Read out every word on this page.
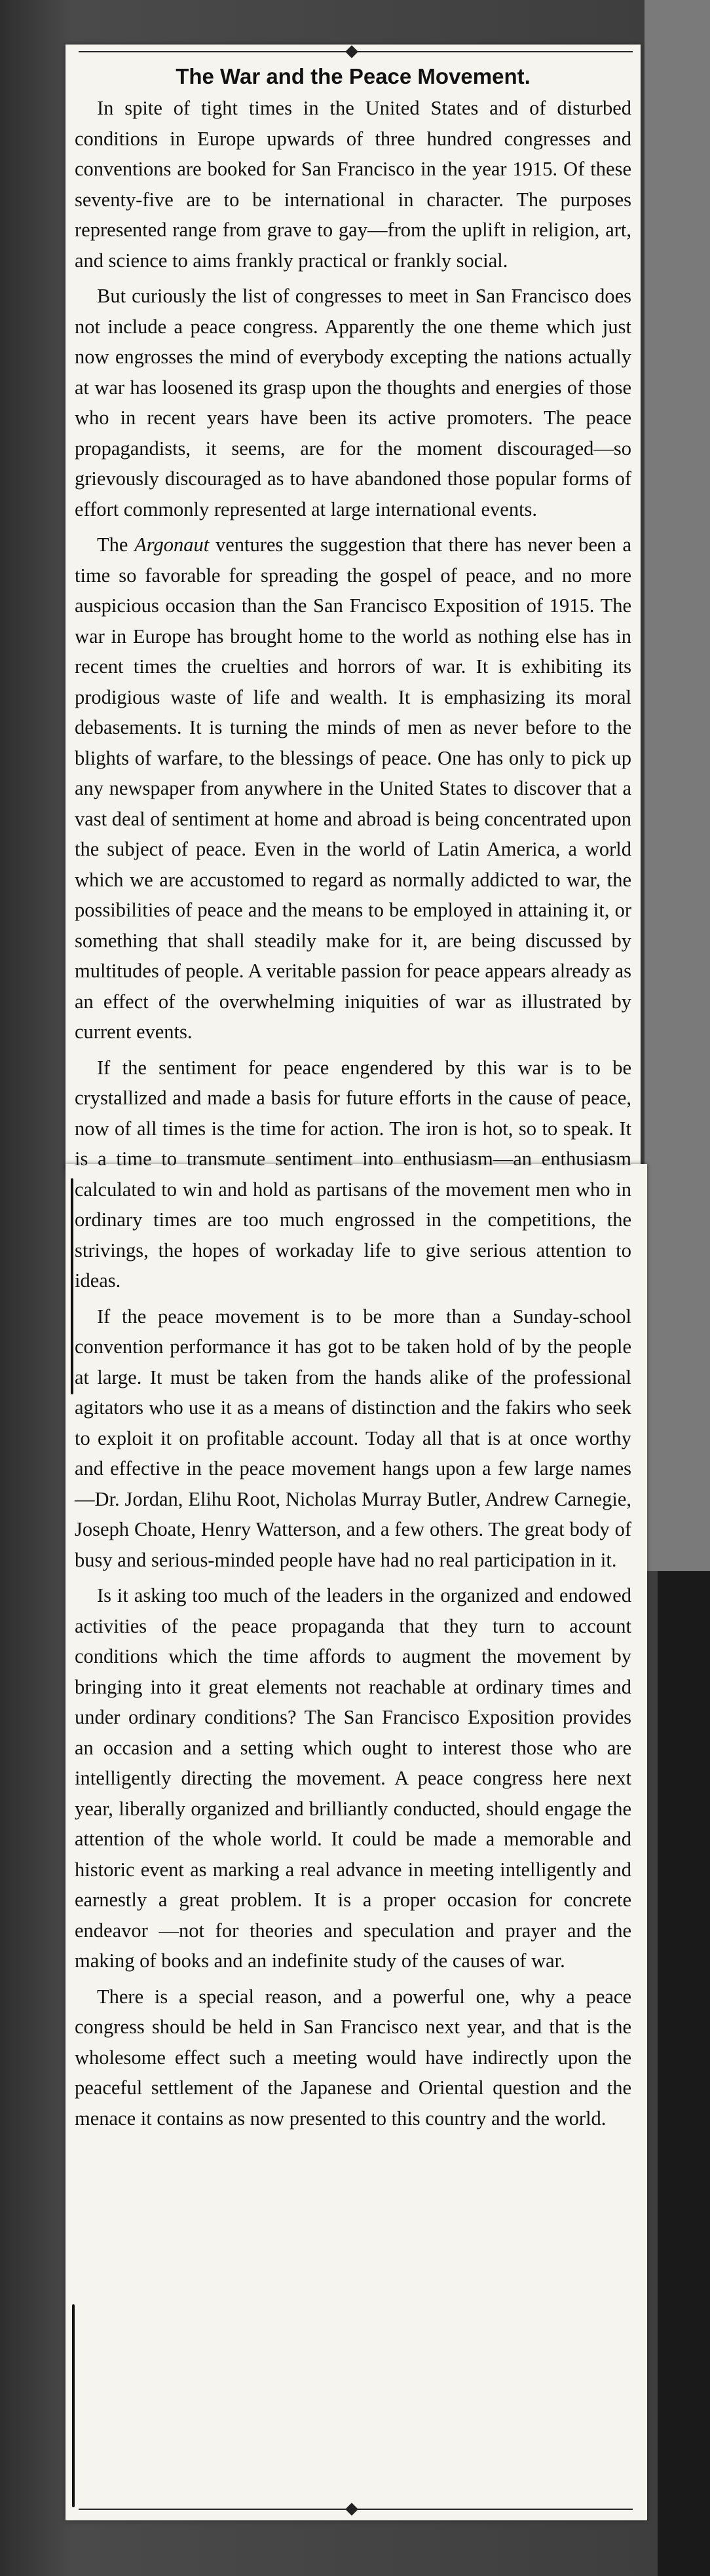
The War and the Peace Movement.

In spite of tight times in the United States and of disturbed conditions in Europe upwards of three hundred congresses and conventions are booked for San Francisco in the year 1915. Of these seventy-five are to be international in character. The purposes represented range from grave to gay—from the uplift in religion, art, and science to aims frankly practical or frankly social.

But curiously the list of congresses to meet in San Francisco does not include a peace congress. Apparently the one theme which just now engrosses the mind of everybody excepting the nations actually at war has loosened its grasp upon the thoughts and energies of those who in recent years have been its active promoters. The peace propagandists, it seems, are for the moment discouraged—so grievously discouraged as to have abandoned those popular forms of effort commonly represented at large international events.

The Argonaut ventures the suggestion that there has never been a time so favorable for spreading the gospel of peace, and no more auspicious occasion than the San Francisco Exposition of 1915. The war in Europe has brought home to the world as nothing else has in recent times the cruelties and horrors of war. It is exhibiting its prodigious waste of life and wealth. It is emphasizing its moral debasements. It is turning the minds of men as never before to the blights of warfare, to the blessings of peace. One has only to pick up any newspaper from anywhere in the United States to discover that a vast deal of sentiment at home and abroad is being concentrated upon the subject of peace. Even in the world of Latin America, a world which we are accustomed to regard as normally addicted to war, the possibilities of peace and the means to be employed in attaining it, or something that shall steadily make for it, are being discussed by multitudes of people. A veritable passion for peace appears already as an effect of the overwhelming iniquities of war as illustrated by current events.

If the sentiment for peace engendered by this war is to be crystallized and made a basis for future efforts in the cause of peace, now of all times is the time for action. The iron is hot, so to speak. It is a time to transmute sentiment into enthusiasm—an enthusiasm calculated to win and hold as partisans of the movement men who in ordinary times are too much engrossed in the competitions, the strivings, the hopes of workaday life to give serious attention to ideas.

If the peace movement is to be more than a Sunday-school convention performance it has got to be taken hold of by the people at large. It must be taken from the hands alike of the professional agitators who use it as a means of distinction and the fakirs who seek to exploit it on profitable account. Today all that is at once worthy and effective in the peace movement hangs upon a few large names—Dr. Jordan, Elihu Root, Nicholas Murray Butler, Andrew Carnegie, Joseph Choate, Henry Watterson, and a few others. The great body of busy and serious-minded people have had no real participation in it.

Is it asking too much of the leaders in the organized and endowed activities of the peace propaganda that they turn to account conditions which the time affords to augment the movement by bringing into it great elements not reachable at ordinary times and under ordinary conditions? The San Francisco Exposition provides an occasion and a setting which ought to interest those who are intelligently directing the movement. A peace congress here next year, liberally organized and brilliantly conducted, should engage the attention of the whole world. It could be made a memorable and historic event as marking a real advance in meeting intelligently and earnestly a great problem. It is a proper occasion for concrete endeavor —not for theories and speculation and prayer and the making of books and an indefinite study of the causes of war.

There is a special reason, and a powerful one, why a peace congress should be held in San Francisco next year, and that is the wholesome effect such a meeting would have indirectly upon the peaceful settlement of the Japanese and Oriental question and the menace it contains as now presented to this country and the world.
